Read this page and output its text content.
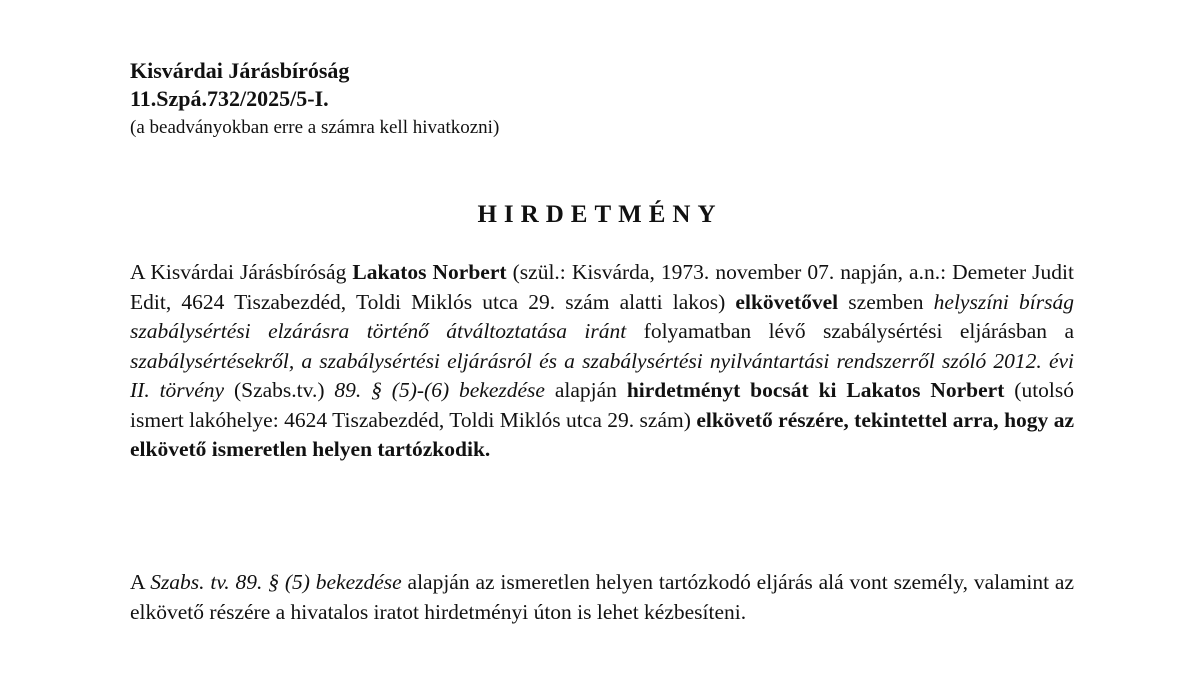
Kisvárdai Járásbíróság
11.Szpá.732/2025/5-I.
(a beadványokban erre a számra kell hivatkozni)
HIRDETMÉNY
A Kisvárdai Járásbíróság Lakatos Norbert (szül.: Kisvárda, 1973. november 07. napján, a.n.: Demeter Judit Edit, 4624 Tiszabezdéd, Toldi Miklós utca 29. szám alatti lakos) elkövetővel szemben helyszíni bírság szabálysértési elzárásra történő átváltoztatása iránt folyamatban lévő szabálysértési eljárásban a szabálysértésekről, a szabálysértési eljárásról és a szabálysértési nyilvántartási rendszerről szóló 2012. évi II. törvény (Szabs.tv.) 89. § (5)-(6) bekezdése alapján hirdetményt bocsát ki Lakatos Norbert (utolsó ismert lakóhelye: 4624 Tiszabezdéd, Toldi Miklós utca 29. szám) elkövető részére, tekintettel arra, hogy az elkövető ismeretlen helyen tartózkodik.
A Szabs. tv. 89. § (5) bekezdése alapján az ismeretlen helyen tartózkodó eljárás alá vont személy, valamint az elkövető részére a hivatalos iratot hirdetményi úton is lehet kézbesíteni.
